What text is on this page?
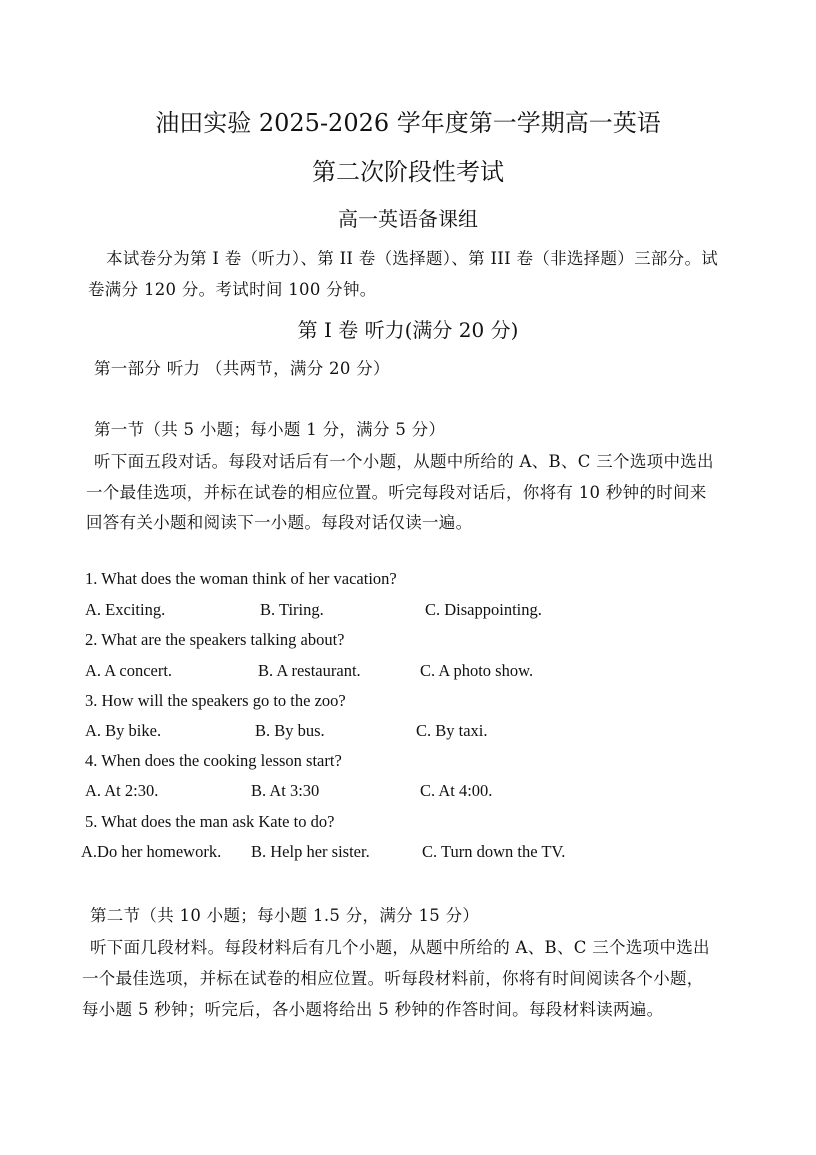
油田实验 2025-2026 学年度第一学期高一英语
第二次阶段性考试
高一英语备课组
本试卷分为第 I 卷（听力）、第 II 卷（选择题）、第 III 卷（非选择题）三部分。试
卷满分 120 分。考试时间 100 分钟。
第 I 卷 听力(满分 20 分)
第一部分 听力 （共两节，满分 20 分）
第一节（共 5 小题；每小题 1 分，满分 5 分）
听下面五段对话。每段对话后有一个小题，从题中所给的 A、B、C 三个选项中选出
一个最佳选项，并标在试卷的相应位置。听完每段对话后，你将有 10 秒钟的时间来
回答有关小题和阅读下一小题。每段对话仅读一遍。
1. What does the woman think of her vacation?
A. Exciting.	B. Tiring.	C. Disappointing.
2. What are the speakers talking about?
A. A concert.	B. A restaurant.	C. A photo show.
3. How will the speakers go to the zoo?
A. By bike.	B. By bus.	C. By taxi.
4. When does the cooking lesson start?
A. At 2:30.	B. At 3:30	C. At 4:00.
5. What does the man ask Kate to do?
A.Do her homework. B. Help her sister.	C. Turn down the TV.
第二节（共 10 小题；每小题 1.5 分，满分 15 分）
听下面几段材料。每段材料后有几个小题，从题中所给的 A、B、C 三个选项中选出
一个最佳选项，并标在试卷的相应位置。听每段材料前，你将有时间阅读各个小题，
每小题 5 秒钟；听完后，各小题将给出 5 秒钟的作答时间。每段材料读两遍。
